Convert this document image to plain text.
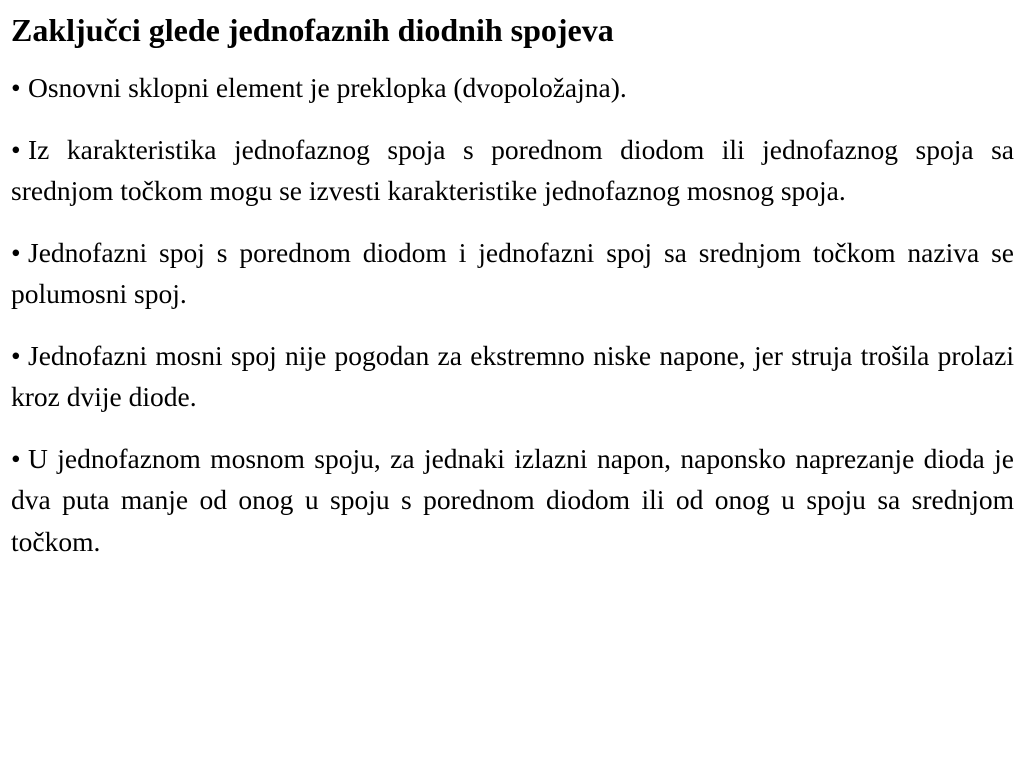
Zaključci glede jednofaznih diodnih spojeva
• Osnovni sklopni element je preklopka (dvopoložajna).
• Iz karakteristika jednofaznog spoja s porednom diodom ili jednofaznog spoja sa srednjom točkom mogu se izvesti karakteristike jednofaznog mosnog spoja.
• Jednofazni spoj s porednom diodom i jednofazni spoj sa srednjom točkom naziva se polumosni spoj.
• Jednofazni mosni spoj nije pogodan za ekstremno niske napone, jer struja trošila prolazi kroz dvije diode.
• U jednofaznom mosnom spoju, za jednaki izlazni napon, naponsko naprezanje dioda je dva puta manje od onog u spoju s porednom diodom ili od onog u spoju sa srednjom točkom.
